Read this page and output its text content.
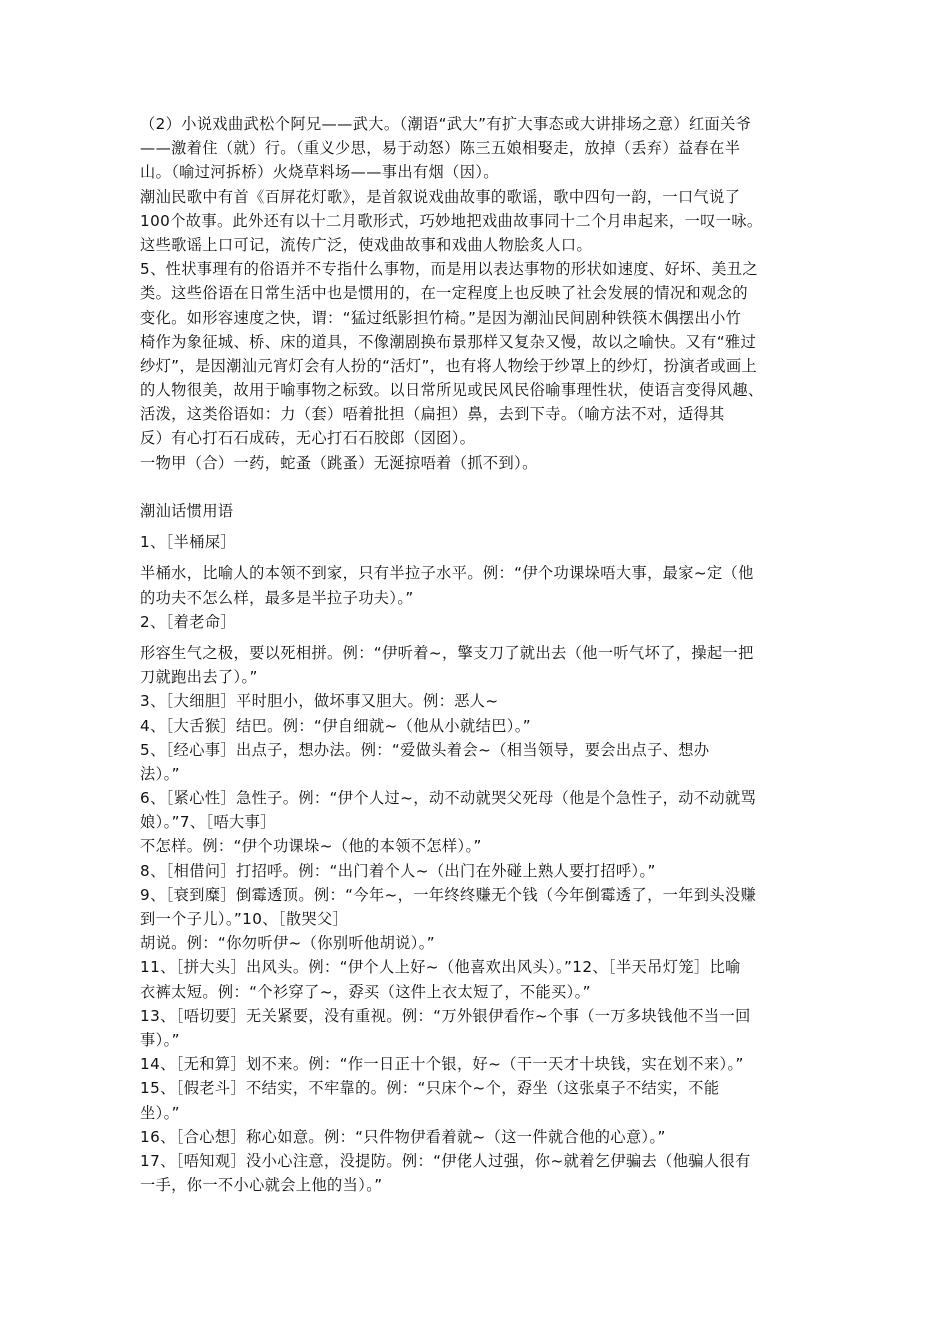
（2）小说戏曲武松个阿兄——武大。（潮语“武大”有扩大事态或大讲排场之意）红面关爷
——激着住（就）行。（重义少思，易于动怒）陈三五娘相娶走，放掉（丢弃）益春在半
山。（喻过河拆桥）火烧草料场——事出有烟（因）。
潮汕民歌中有首《百屏花灯歌》，是首叙说戏曲故事的歌谣，歌中四句一韵，一口气说了
100个故事。此外还有以十二月歌形式，巧妙地把戏曲故事同十二个月串起来，一叹一咏。
这些歌谣上口可记，流传广泛，使戏曲故事和戏曲人物脍炙人口。
5、性状事理有的俗语并不专指什么事物，而是用以表达事物的形状如速度、好坏、美丑之
类。这些俗语在日常生活中也是惯用的，在一定程度上也反映了社会发展的情况和观念的
变化。如形容速度之快，谓：“猛过纸影担竹椅。”是因为潮汕民间剧种铁筷木偶摆出小竹
椅作为象征城、桥、床的道具，不像潮剧换布景那样又复杂又慢，故以之喻快。又有“雅过
纱灯”，是因潮汕元宵灯会有人扮的“活灯”，也有将人物绘于纱罩上的纱灯，扮演者或画上
的人物很美，故用于喻事物之标致。以日常所见或民风民俗喻事理性状，使语言变得风趣、
活泼，这类俗语如：力（套）唔着批担（扁担）鼻，去到下寺。（喻方法不对，适得其
反）有心打石石成砖，无心打石石胶郎（㘝囵）。
一物甲（合）一药，蛇蚤（跳蚤）无涎掠唔着（抓不到）。
潮汕话惯用语
1、［半桶屎］
半桶水，比喻人的本领不到家，只有半拉子水平。例：“伊个功课垛唔大事，最家~定（他
的功夫不怎么样，最多是半拉子功夫）。”
2、［着老命］
形容生气之极，要以死相拼。例：“伊听着~，擎支刀了就出去（他一听气坏了，操起一把
刀就跑出去了）。”
3、［大细胆］平时胆小，做坏事又胆大。例：恶人~
4、［大舌猴］结巴。例：“伊自细就~（他从小就结巴）。”
5、［经心事］出点子，想办法。例：“爱做头着会~（相当领导，要会出点子、想办
法）。”
6、［紧心性］急性子。例：“伊个人过~，动不动就哭父死母（他是个急性子，动不动就骂
娘）。”7、［唔大事］
不怎样。例：“伊个功课垛~（他的本领不怎样）。”
8、［相借问］打招呼。例：“出门着个人~（出门在外碰上熟人要打招呼）。”
9、［衰到糜］倒霉透顶。例：“今年~，一年终终赚无个钱（今年倒霉透了，一年到头没赚
到一个子儿）。”10、［散哭父］
胡说。例：“你勿听伊~（你别听他胡说）。”
11、［拼大头］出风头。例：“伊个人上好~（他喜欢出风头）。”12、［半天吊灯笼］比喻
衣裤太短。例：“个衫穿了~，孬买（这件上衣太短了，不能买）。”
13、［唔切要］无关紧要，没有重视。例：“万外银伊看作~个事（一万多块钱他不当一回
事）。”
14、［无和算］划不来。例：“作一日正十个银，好~（干一天才十块钱，实在划不来）。”
15、［假老斗］不结实，不牢靠的。例：“只床个~个，孬坐（这张桌子不结实，不能
坐）。”
16、［合心想］称心如意。例：“只件物伊看着就~（这一件就合他的心意）。”
17、［唔知观］没小心注意，没提防。例：“伊佬人过强，你~就着乞伊骗去（他骗人很有
一手，你一不小心就会上他的当）。”
